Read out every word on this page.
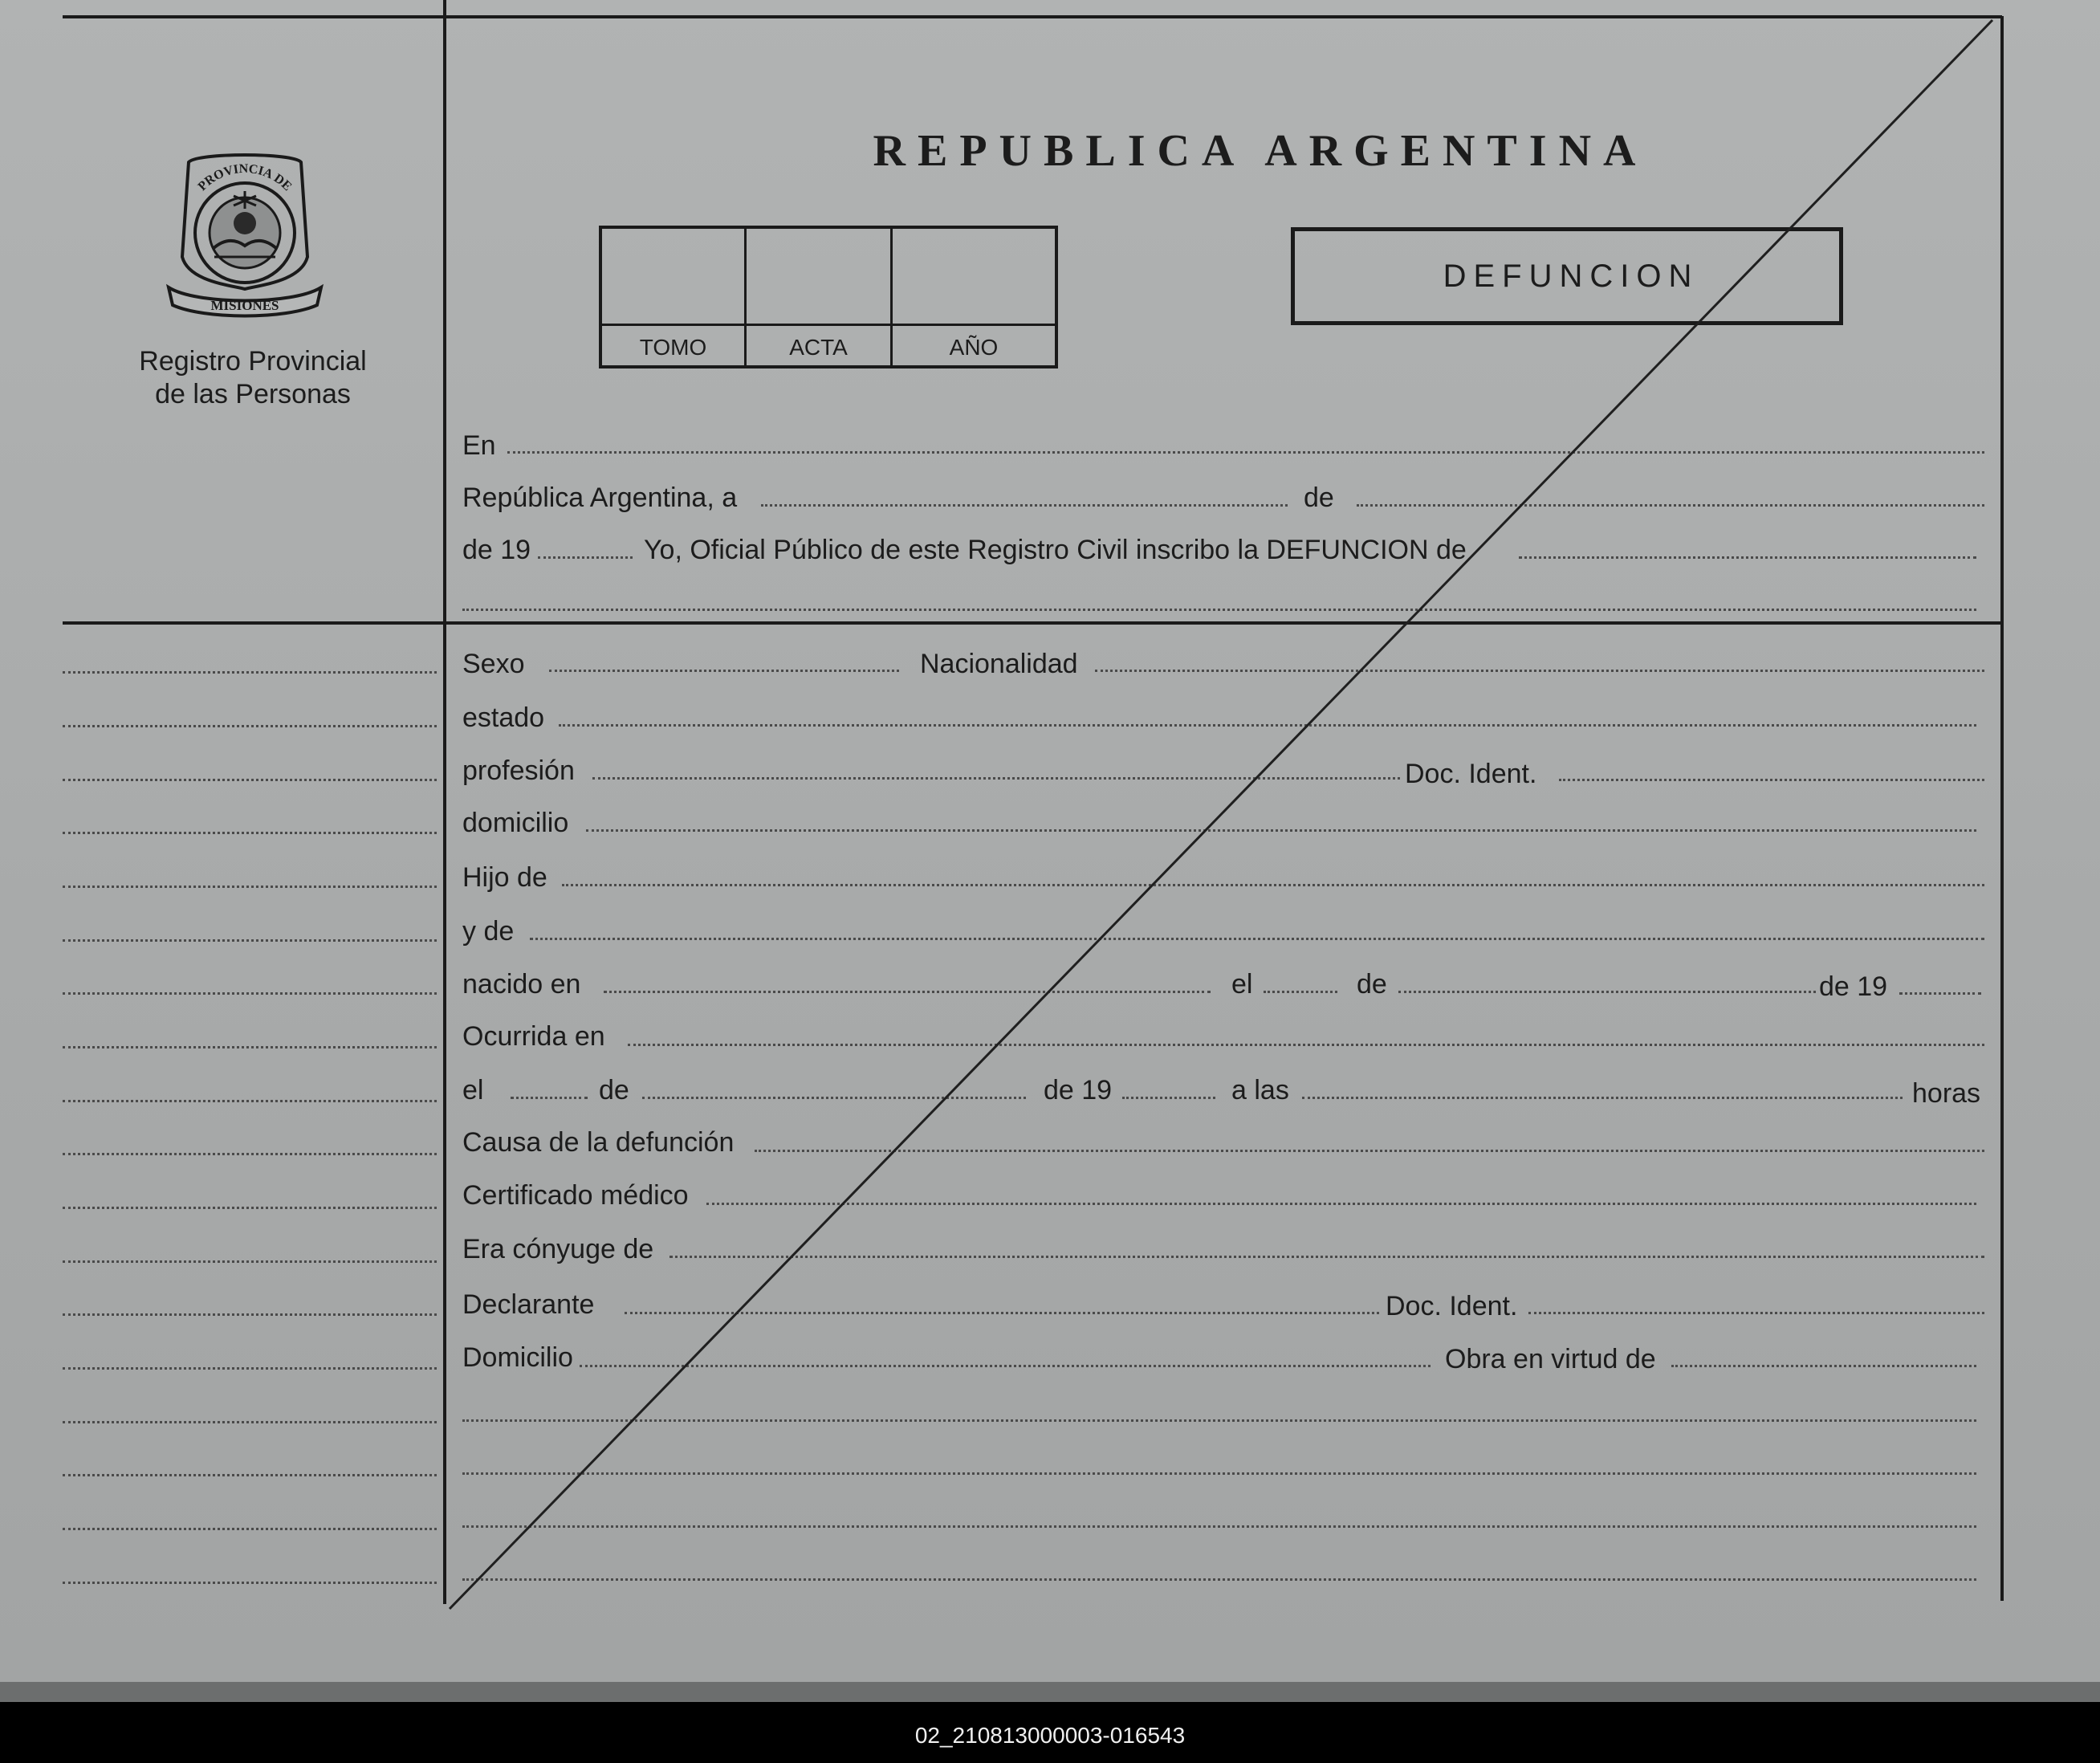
PROVINCIA DE
MISIONES
Registro Provincial
de las Personas
REPUBLICA ARGENTINA
TOMO	ACTA	AÑO
DEFUNCION
En
República Argentina, a	de
de 19	Yo, Oficial Público de este Registro Civil inscribo la DEFUNCION de
Sexo	Nacionalidad
estado
profesión	Doc. Ident.
domicilio
Hijo de
y de
nacido en	el	de	de 19
Ocurrida en
el	de	de 19	a las	horas
Causa de la defunción
Certificado médico
Era cónyuge de
Declarante	Doc. Ident.
Domicilio	Obra en virtud de
02_210813000003-016543
